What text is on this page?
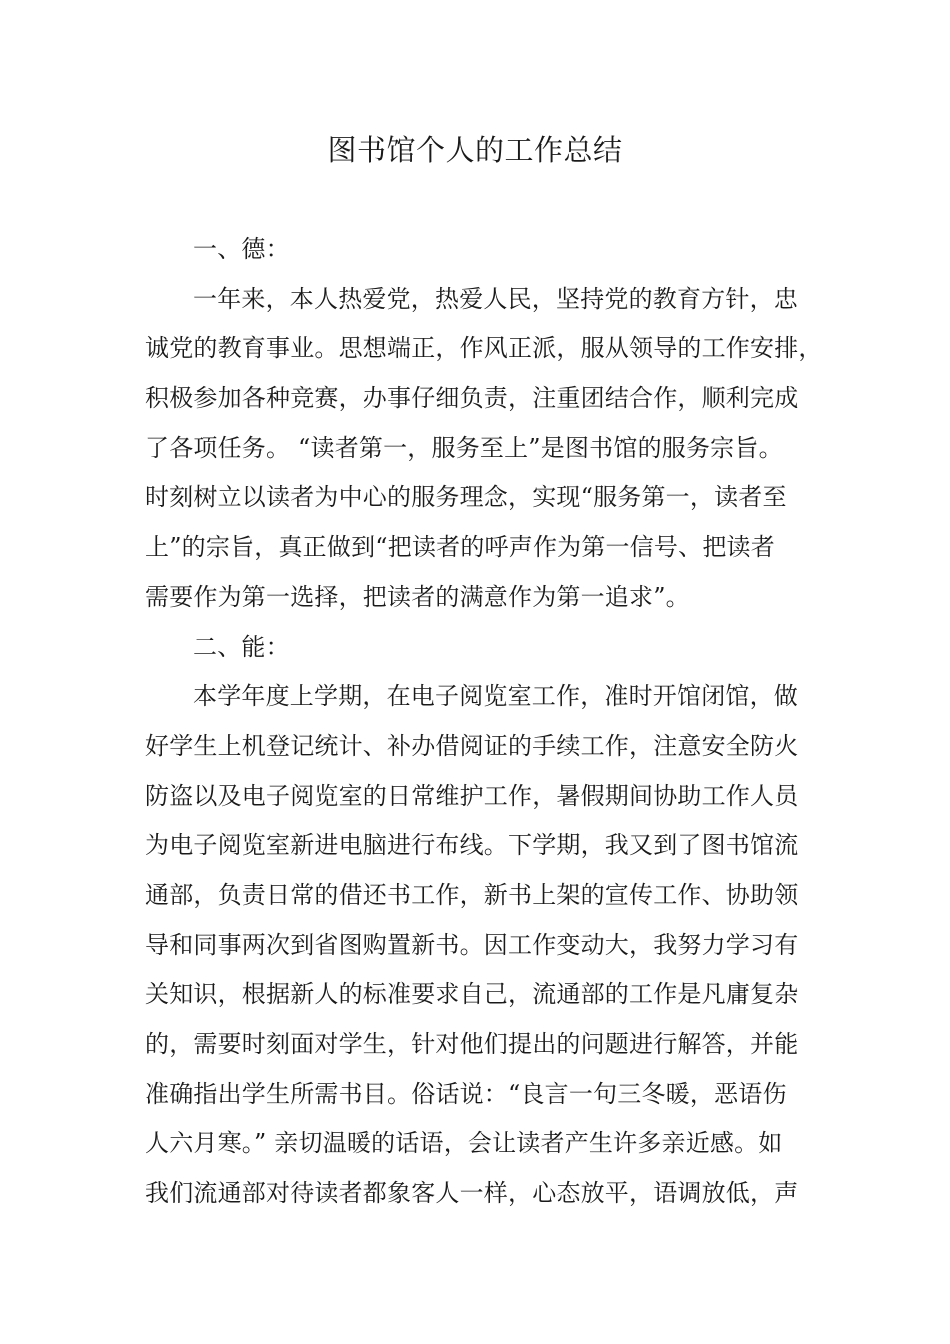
图书馆个人的工作总结
一、德：
一年来，本人热爱党，热爱人民，坚持党的教育方针，忠
诚党的教育事业。思想端正，作风正派，服从领导的工作安排，
积极参加各种竞赛，办事仔细负责，注重团结合作，顺利完成
了各项任务。 “读者第一，服务至上”是图书馆的服务宗旨。
时刻树立以读者为中心的服务理念，实现“服务第一，读者至
上”的宗旨，真正做到“把读者的呼声作为第一信号、把读者
需要作为第一选择，把读者的满意作为第一追求”。
二、能：
本学年度上学期，在电子阅览室工作，准时开馆闭馆，做
好学生上机登记统计、补办借阅证的手续工作，注意安全防火
防盗以及电子阅览室的日常维护工作，暑假期间协助工作人员
为电子阅览室新进电脑进行布线。下学期，我又到了图书馆流
通部，负责日常的借还书工作，新书上架的宣传工作、协助领
导和同事两次到省图购置新书。因工作变动大，我努力学习有
关知识，根据新人的标准要求自己，流通部的工作是凡庸复杂
的，需要时刻面对学生，针对他们提出的问题进行解答，并能
准确指出学生所需书目。俗话说：“良言一句三冬暖，恶语伤
人六月寒。” 亲切温暖的话语，会让读者产生许多亲近感。如
我们流通部对待读者都象客人一样，心态放平，语调放低，声
